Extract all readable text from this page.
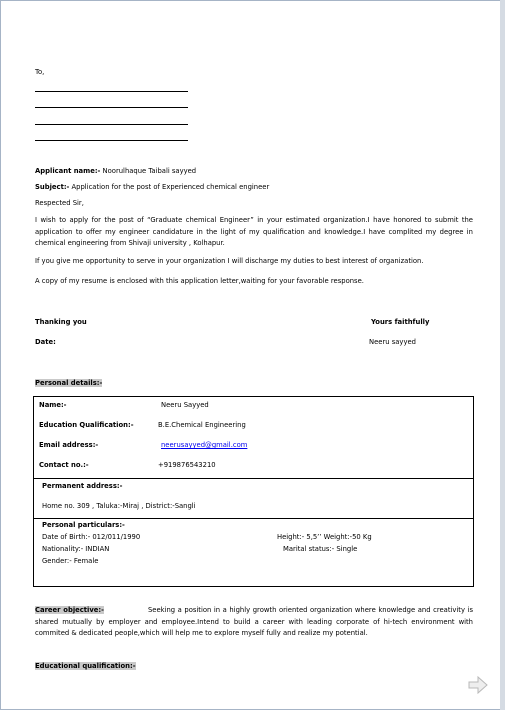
To,
Applicant name:- Noorulhaque Taibali sayyed
Subject:- Application for the post of Experienced chemical engineer
Respected Sir,
I wish to apply for the post of “Graduate chemical Engineer” in your estimated organization.I have honored to submit the application to offer my engineer candidature in the light of my qualification and knowledge.I have complited my degree in chemical engineering from Shivaji university , Kolhapur.
If you give me opportunity to serve in your organization I will discharge my duties to best interest of organization.
A copy of my resume is enclosed with this application letter,waiting for your favorable response.
Thanking you	Yours faithfully
Date:	Neeru sayyed
Personal details:-
Name:-	Neeru Sayyed
Education Qualification:-	B.E.Chemical Engineering
Email address:-	neerusayyed@gmail.com
Contact no.:-	+919876543210
Permanent address:-
Home no. 309 , Taluka:-Miraj , District:-Sangli
Personal particulars:-
Date of Birth:- 012/011/1990	Height:- 5,5’’ Weight:-50 Kg
Nationality:- INDIAN	Marital status:- Single
Gender:- Female
Career objective:-	Seeking a position in a highly growth oriented organization where knowledge and creativity is shared mutually by employer and employee.Intend to build a career with leading corporate of hi-tech environment with commited & dedicated people,which will help me to explore myself fully and realize my potential.
Educational qualification:-
